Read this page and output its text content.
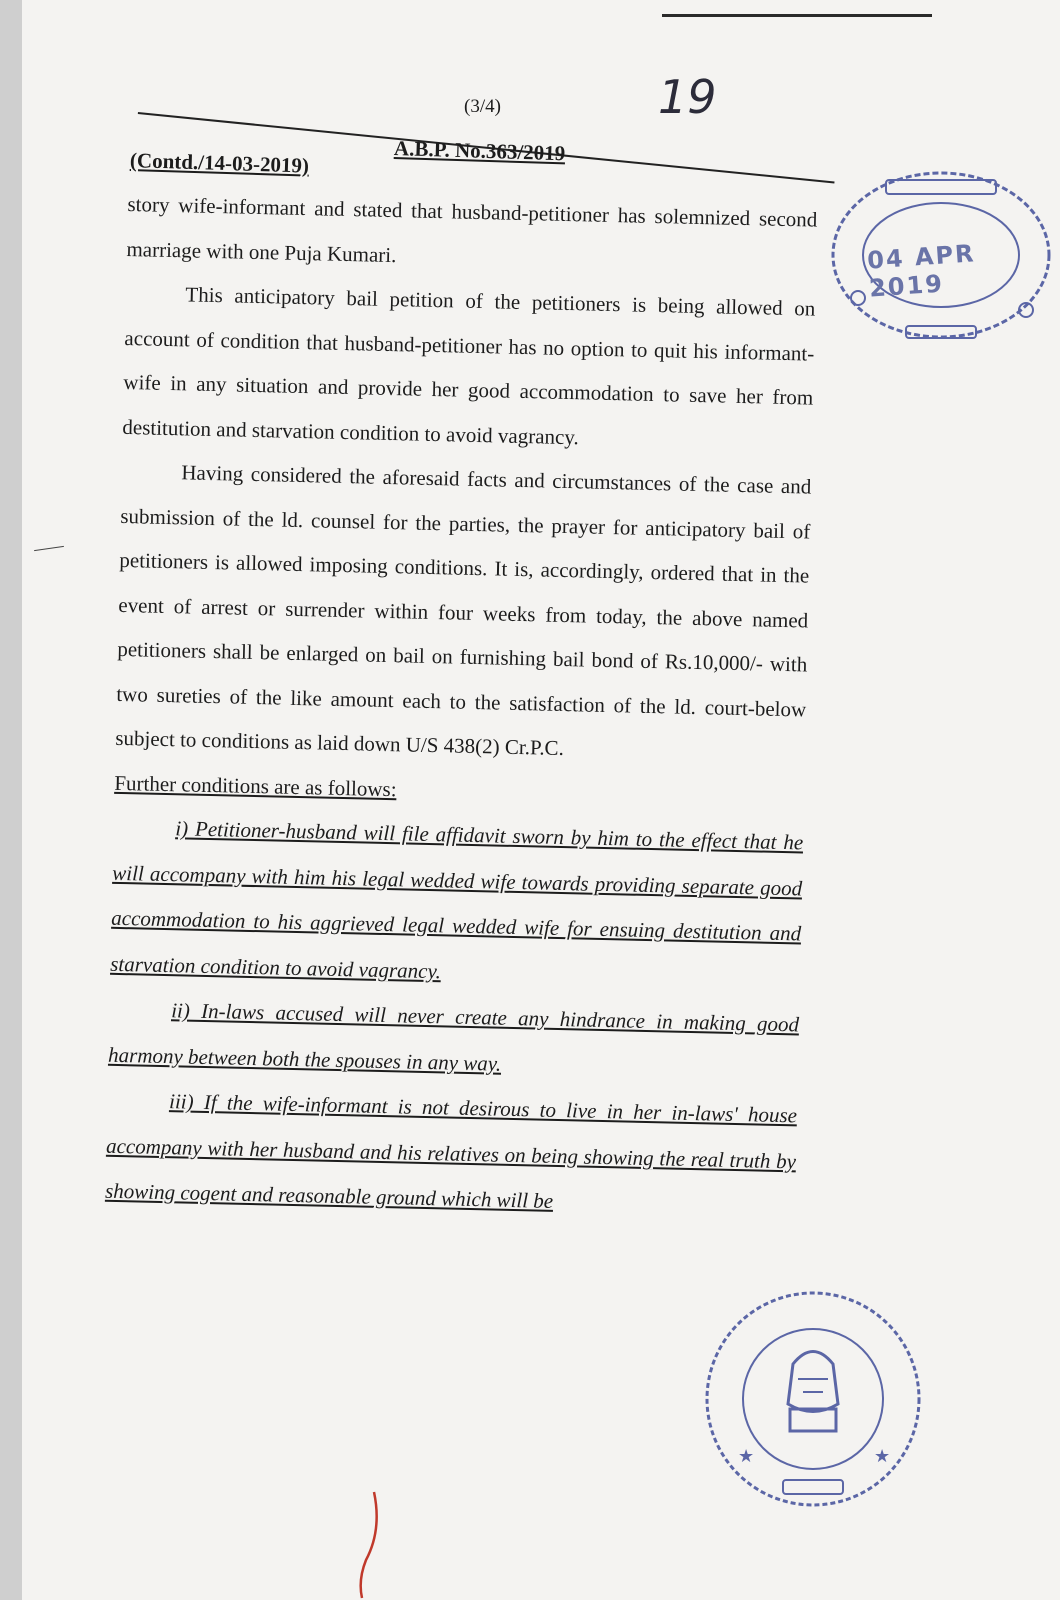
(3/4)	19
A.B.P. No.363/2019
(Contd./14-03-2019)
04 APR 2019

story wife-informant and stated that husband-petitioner has solemnized second marriage with one Puja Kumari.

This anticipatory bail petition of the petitioners is being allowed on account of condition that husband-petitioner has no option to quit his informant-wife in any situation and provide her good accommodation to save her from destitution and starvation condition to avoid vagrancy.

Having considered the aforesaid facts and circumstances of the case and submission of the ld. counsel for the parties, the prayer for anticipatory bail of petitioners is allowed imposing conditions. It is, accordingly, ordered that in the event of arrest or surrender within four weeks from today, the above named petitioners shall be enlarged on bail on furnishing bail bond of Rs.10,000/- with two sureties of the like amount each to the satisfaction of the ld. court-below subject to conditions as laid down U/S 438(2) Cr.P.C.

Further conditions are as follows:

i) Petitioner-husband will file affidavit sworn by him to the effect that he will accompany with him his legal wedded wife towards providing separate good accommodation to his aggrieved legal wedded wife for ensuing destitution and starvation condition to avoid vagrancy.

ii) In-laws accused will never create any hindrance in making good harmony between both the spouses in any way.

iii) If the wife-informant is not desirous to live in her in-laws' house accompany with her husband and his relatives on being showing the real truth by showing cogent and reasonable ground which will be

★	★
